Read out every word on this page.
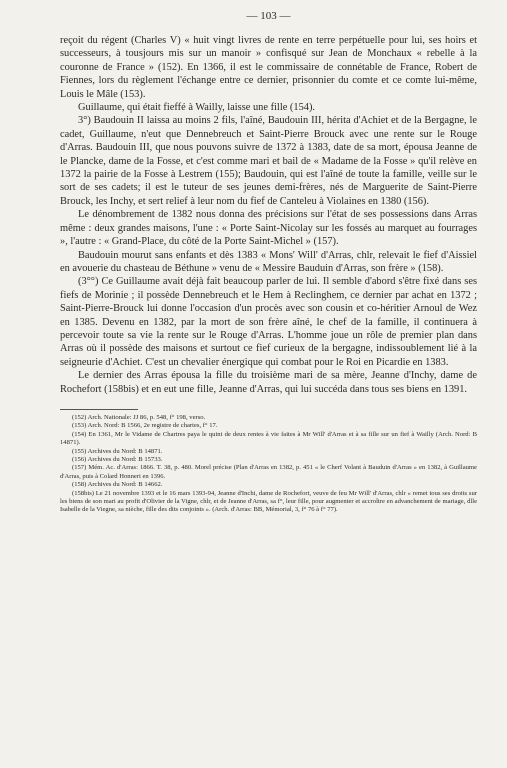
— 103 —

reçoit du régent (Charles V) « huit vingt livres de rente en terre perpétuelle pour lui, ses hoirs et successeurs, à tousjours mis sur un manoir » confisqué sur Jean de Monchaux « rebelle à la couronne de France » (152). En 1366, il est le commissaire de connétable de France, Robert de Fiennes, lors du règlement l'échange entre ce dernier, prisonnier du comte et ce comte lui-même, Louis le Mâle (153).

Guillaume, qui était fieffé à Wailly, laisse une fille (154).

3°) Baudouin II laissa au moins 2 fils, l'aîné, Baudouin III, hérita d'Achiet et de la Bergagne, le cadet, Guillaume, n'eut que Dennebreuch et Saint-Pierre Brouck avec une rente sur le Rouge d'Arras. Baudouin III, que nous pouvons suivre de 1372 à 1383, date de sa mort, épousa Jeanne de le Plancke, dame de la Fosse, et c'est comme mari et bail de « Madame de la Fosse » qu'il relève en 1372 la pairie de la Fosse à Lestrem (155); Baudouin, qui est l'aîné de toute la famille, veille sur le sort de ses cadets; il est le tuteur de ses jeunes demi-frères, nés de Marguerite de Saint-Pierre Brouck, les Inchy, et sert relief à leur nom du fief de Canteleu à Violaines en 1380 (156).

Le dénombrement de 1382 nous donna des précisions sur l'état de ses possessions dans Arras même : deux grandes maisons, l'une : « Porte Saint-Nicolay sur les fossés au marquet au fourrages », l'autre : « Grand-Place, du côté de la Porte Saint-Michel » (157).

Baudouin mourut sans enfants et dès 1383 « Mons' Will' d'Arras, chlr, relevait le fief d'Aissiel en avouerie du chasteau de Béthune » venu de « Messire Bauduin d'Arras, son frère » (158).

(3°°) Ce Guillaume avait déjà fait beaucoup parler de lui. Il semble d'abord s'être fixé dans ses fiefs de Morinie ; il possède Dennebreuch et le Hem à Reclinghem, ce dernier par achat en 1372 ; Saint-Pierre-Brouck lui donne l'occasion d'un procès avec son cousin et co-héritier Arnoul de Wez en 1385. Devenu en 1382, par la mort de son frère aîné, le chef de la famille, il continuera à percevoir toute sa vie la rente sur le Rouge d'Arras. L'homme joue un rôle de premier plan dans Arras où il possède des maisons et surtout ce fief curieux de la bergagne, indissoublement lié à la seigneurie d'Achiet. C'est un chevalier énergique qui combat pour le Roi en Picardie en 1383.

Le dernier des Arras épousa la fille du troisième mari de sa mère, Jeanne d'Inchy, dame de Rochefort (158bis) et en eut une fille, Jeanne d'Arras, qui lui succéda dans tous ses biens en 1391.

(152) Arch. Nationale: JJ 86, p. 548, f° 198, verso.

(153) Arch. Nord: B 1566, 2e registre de chartes, f° 17.

(154) En 1361, Mr le Vidame de Chartres paya le quint de deux rentes à vie faites à Mr Will' d'Arras et à sa fille sur un fief à Wailly (Arch. Nord: B 14871).

(155) Archives du Nord: B 14871.

(156) Archives du Nord: B 15733.

(157) Mém. Ac. d'Arras: 1866. T. 38, p. 480. Morel précise (Plan d'Arras en 1382, p. 451 « le Cherf Volant à Bauduin d'Arras » en 1382, à Guillaume d'Arras, puis à Colard Honneri en 1396.

(158) Archives du Nord: B 14662.

(158bis) Le 21 novembre 1393 et le 16 mars 1393-94, Jeanne d'Inchi, dame de Rochefort, veuve de feu Mr Will' d'Arras, chlr « remet tous ses droits sur les biens de son mari au profit d'Olivier de la Vigne, chlr, et de Jeanne d'Arras, sa f°, leur fille, pour augmenter et accroître en advanchement de mariage, dlle Isabelle de la Viegne, sa nièche, fille des dits conjoints ». (Arch. d'Arras: BB, Mémorial, 3, f° 76 à f° 77).
